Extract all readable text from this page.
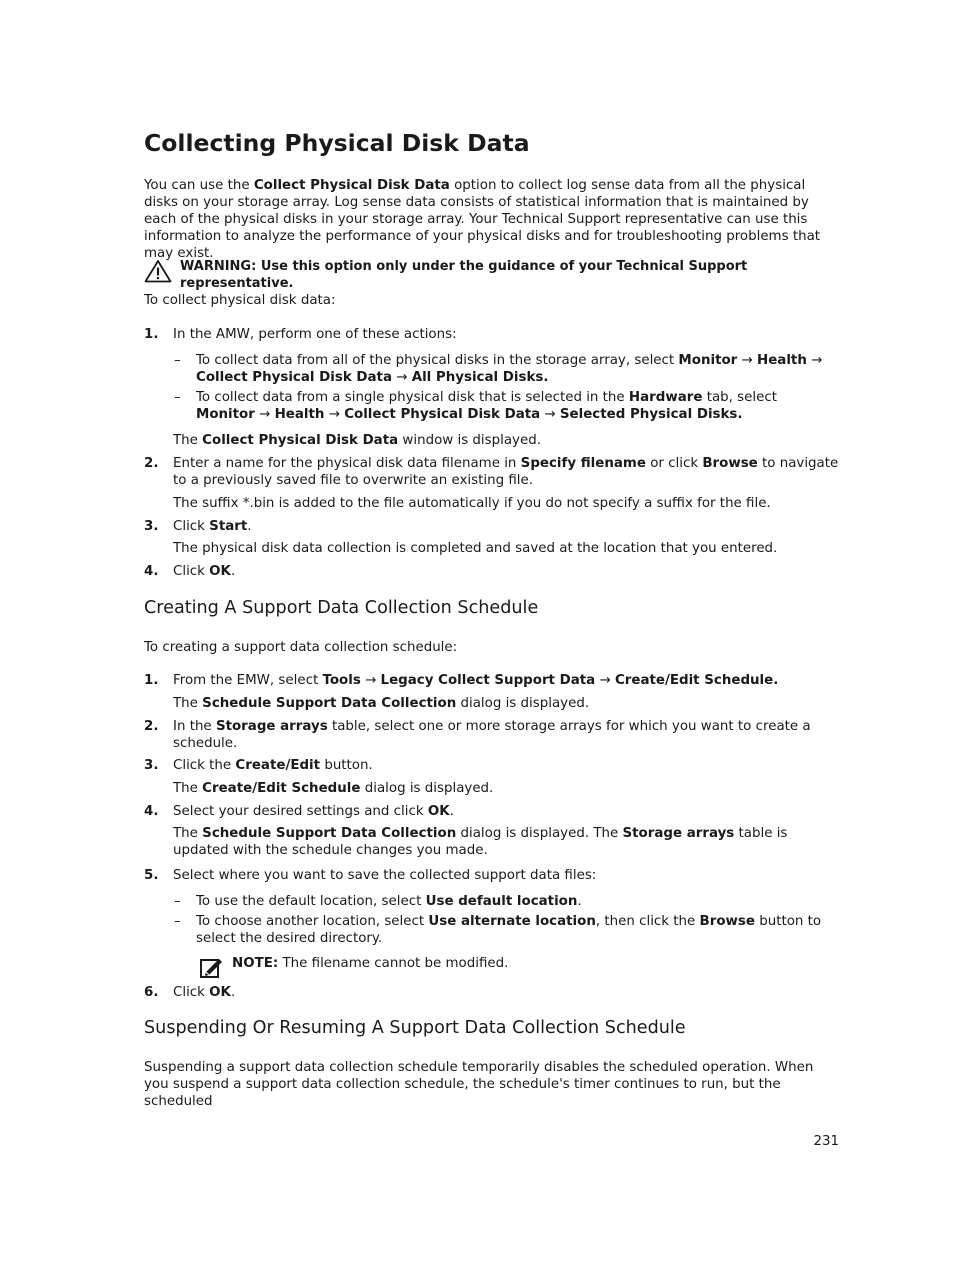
Collecting Physical Disk Data

You can use the Collect Physical Disk Data option to collect log sense data from all the physical disks on your storage array. Log sense data consists of statistical information that is maintained by each of the physical disks in your storage array. Your Technical Support representative can use this information to analyze the performance of your physical disks and for troubleshooting problems that may exist.

WARNING: Use this option only under the guidance of your Technical Support representative.

To collect physical disk data:

1.	In the AMW, perform one of these actions:

– To collect data from all of the physical disks in the storage array, select Monitor → Health → Collect Physical Disk Data → All Physical Disks.

– To collect data from a single physical disk that is selected in the Hardware tab, select Monitor → Health → Collect Physical Disk Data → Selected Physical Disks.

The Collect Physical Disk Data window is displayed.

2.	Enter a name for the physical disk data filename in Specify filename or click Browse to navigate to a previously saved file to overwrite an existing file.

The suffix *.bin is added to the file automatically if you do not specify a suffix for the file.

3.	Click Start.

The physical disk data collection is completed and saved at the location that you entered.

4.	Click OK.

Creating A Support Data Collection Schedule

To creating a support data collection schedule:

1.	From the EMW, select Tools → Legacy Collect Support Data → Create/Edit Schedule.

The Schedule Support Data Collection dialog is displayed.

2.	In the Storage arrays table, select one or more storage arrays for which you want to create a schedule.

3.	Click the Create/Edit button.

The Create/Edit Schedule dialog is displayed.

4.	Select your desired settings and click OK.

The Schedule Support Data Collection dialog is displayed. The Storage arrays table is updated with the schedule changes you made.

5.	Select where you want to save the collected support data files:

– To use the default location, select Use default location.

– To choose another location, select Use alternate location, then click the Browse button to select the desired directory.

NOTE: The filename cannot be modified.
6.	Click OK.

Suspending Or Resuming A Support Data Collection Schedule

Suspending a support data collection schedule temporarily disables the scheduled operation. When you suspend a support data collection schedule, the schedule's timer continues to run, but the scheduled

231
